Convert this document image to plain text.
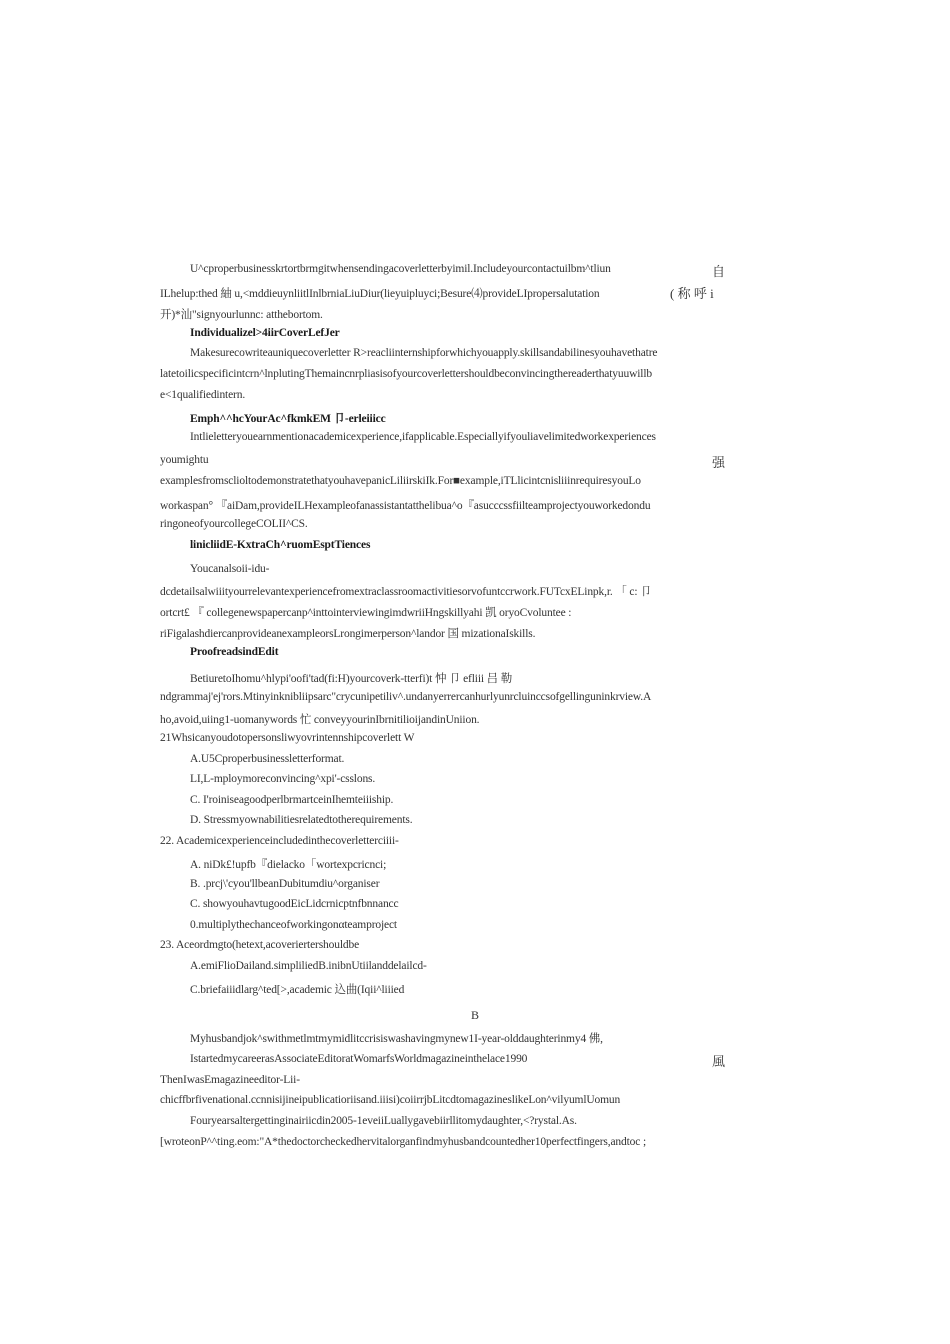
U^cproperbusinesskrtortbrmgitwhensendingacoverletterbyimil.Includeyourcontactuilbm^tliun	自
ILhelup:thed 紬 u,<mddieuynliitlInlbrniaLiuDiur(lieyuipluyci;Besure⑷provideLIpropersalutation	( 称 呼 i
开)*汕"signyourlunnc: atthebortom.
Individualizel>4iirCoverLefJer
Makesurecowriteauniquecoverletter R>reacliinternshipforwhichyouapply.skillsandabilinesyouhavethatre
latetoilicspecificintcrn^lnplutingThemaincnrpliasisofyourcoverlettershouldbeconvincingthereaderthatyuuwillb
e<1qualifiedintern.
Emph^^hcYourAc^fkmkEM 卩-erleiiicc
Intlieletteryouearnmentionacademicexperience,ifapplicable.Especiallyifyouliavelimitedworkexperiences
youmightu	强
examplesfromsclioltodemonstratethatyouhavepanicLiliirskiIk.For■example,iTLlicintcnisliiinrequiresyouLo
workaspan° 『aiDam,provideILHexampleofanassistantatthelibua^o『asucccssfiilteamprojectyouworkedondu
ringoneofyourcollegeCOLII^CS.
linicliidE-KxtraCh^ruomEsptTiences
Youcanalsoii-idu-
dcdetailsalwiiityourrelevantexperiencefromextraclassroomactivitiesorvofuntccrwork.FUTcxELinpk,r. 「 c: 卩
ortcrt£ 『 collegenewspapercanp^inttointerviewingimdwriiHngskillyahi 凯 oryoCvoluntee :
riFigalashdiercanprovideanexampleorsLrongimerperson^landor 国 mizationaIskills.
ProofreadsindEdit
BetiuretoIhomu^hlypi'oofi'tad(fi:H)yourcoverk-tterfi)t 忡 卩 efliii 吕 勒
ndgrammaj'ej'rors.Mtinyinknibliipsarc"crycunipetiliv^.undanyerrercanhurlyunrcluinccsofgellinguninkrview.A
ho,avoid,uiing1-uomanywords 忙 conveyyourinIbrnitilioijandinUniion.
21Whsicanyoudotopersonsliwyovrintennshipcoverlett W
A.U5Cproperbusinessletterformat.
LI,L-mploymoreconvincing^xpi'-csslons.
C. I'roiniseagoodperlbrmartceinIhemteiiiship.
D. Stressmyownabilitiesrelatedtotherequirements.
22. Academicexperienceincludedinthecoverletterciiii-
A. niDk£!upfb『dielacko「wortexpcricnci;
B. .prcj\'cyou'llbeanDubitumdiu^organiser
C. showyouhavtugoodEicLidcrnicptnfbnnancc
0.multiplythechanceofworkingonαteamproject
23. Aceordmgto(hetext,acoveriertershouldbe
A.emiFlioDailand.simpliliedB.inibnUtiilanddelailcd-
C.briefaiiidlarg^ted[>,academic 込曲(Iqii^liiied
B
Myhusbandjok^swithmetlmtmymidlitccrisiswashavingmynew1I-year-olddaughterinmy4 佛,
IstartedmycareerasAssociateEditoratWomarfsWorldmagazineinthelace1990	風
ThenIwasEmagazineeditor-Lii-
chicffbrfivenational.ccnnisijineipublicatioriisand.iiisi)coiirrjbLitcdtomagazineslikeLon^vilyumlUomun
Fouryearsaltergettinginairiicdin2005-1eveiiLuallygavebiirllitomydaughter,<?rystal.As.
[wroteonP^^ting.eom:"A*thedoctorcheckedhervitalorganfindmyhusbandcountedher10perfectfingers,andtoc ;
